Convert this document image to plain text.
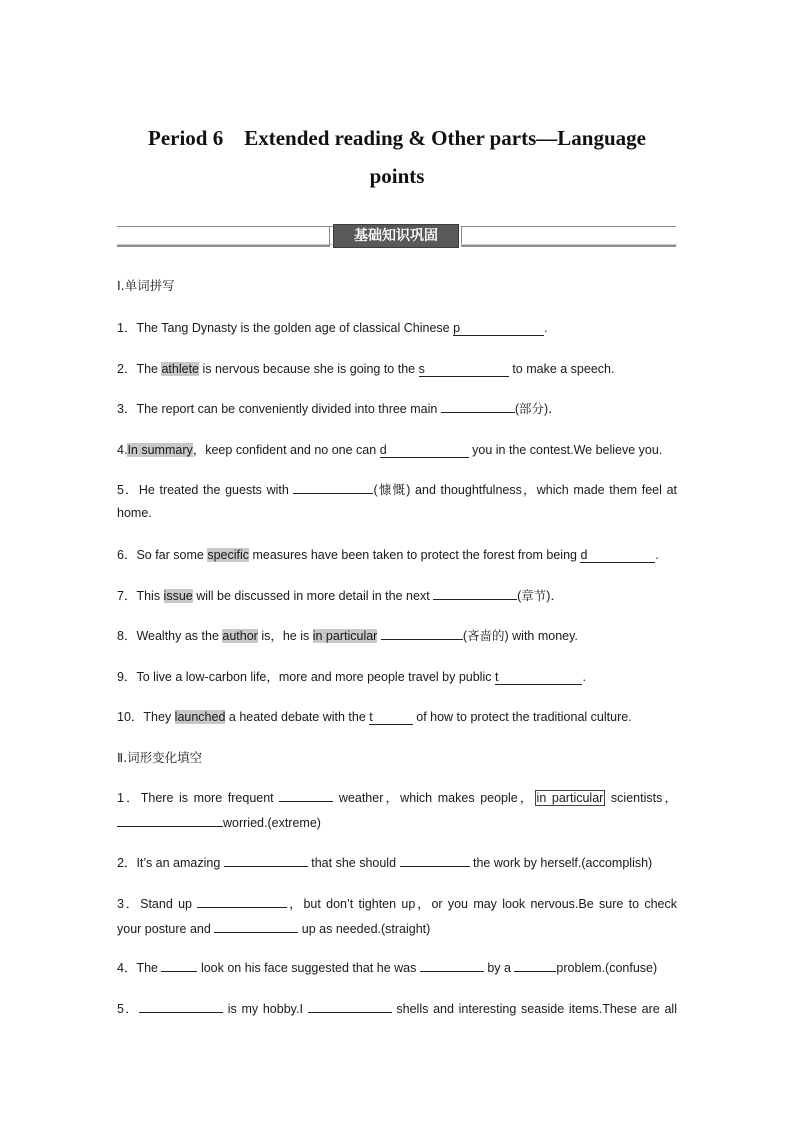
Period 6　Extended reading & Other parts—Language
points
基础知识巩固
Ⅰ.单词拼写
1．The Tang Dynasty is the golden age of classical Chinese p	.
2．The athlete is nervous because she is going to the s	to make a speech.
3．The report can be conveniently divided into three main	(部分)．
4.In summary，keep confident and no one can d	you in the contest.We believe you.
5．He treated the guests with	(慷慨) and thoughtfulness，which made them feel at
home.
6．So far some specific measures have been taken to protect the forest from being d	.
7．This issue will be discussed in more detail in the next	(章节)．
8．Wealthy as the author is，he is in particular	(吝啬的) with money.
9．To live a low-carbon life，more and more people travel by public t	.
10．They launched a heated debate with the t	of how to protect the traditional culture.
Ⅱ.词形变化填空
1．There is more frequent	weather，which makes people， in particular scientists，
worried.(extreme)
2．It’s an amazing	that she should	the work by herself.(accomplish)
3．Stand up	，but don’t tighten up，or you may look nervous.Be sure to check
your posture and	up as needed.(straight)
4．The	look on his face suggested that he was	by a	problem.(confuse)
5．	is my hobby.I	shells and interesting seaside items.These are all
